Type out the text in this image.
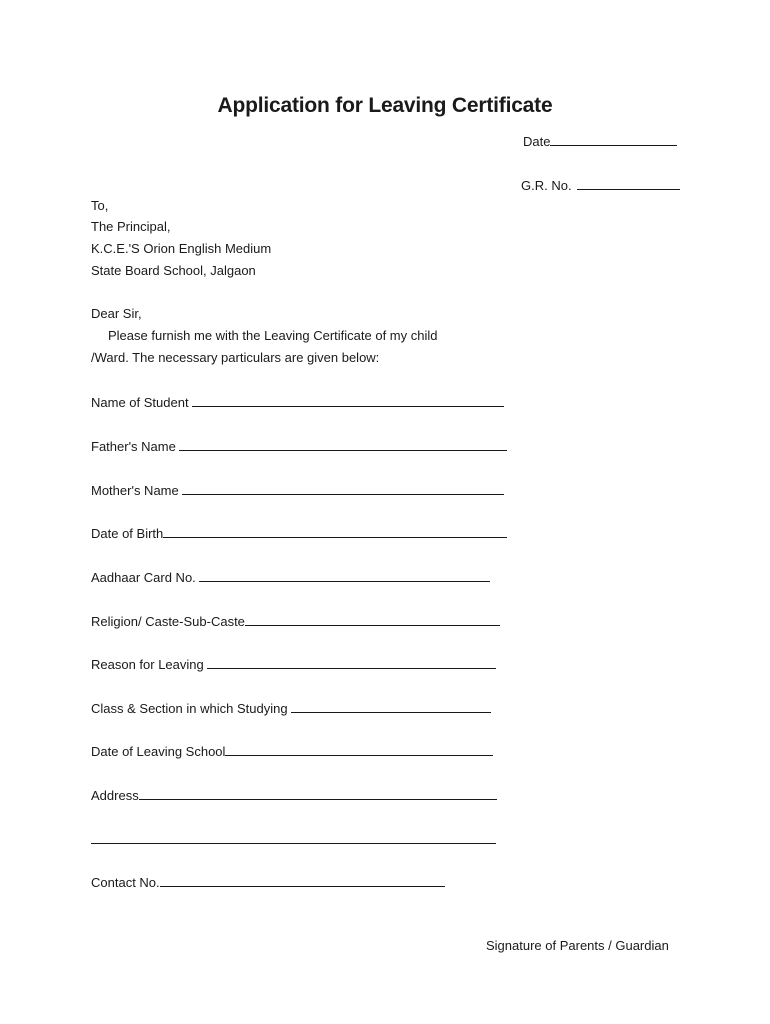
Application for Leaving Certificate
Date
G.R. No.
To,
The Principal,
K.C.E.'S Orion English Medium
State Board School, Jalgaon
Dear Sir,
Please furnish me with the Leaving Certificate of my child
/Ward. The necessary particulars are given below:
Name of Student
Father's Name
Mother's Name
Date of Birth
Aadhaar Card No.
Religion/ Caste-Sub-Caste
Reason for Leaving
Class & Section in which Studying
Date of Leaving School
Address
Contact No.
Signature of Parents / Guardian
